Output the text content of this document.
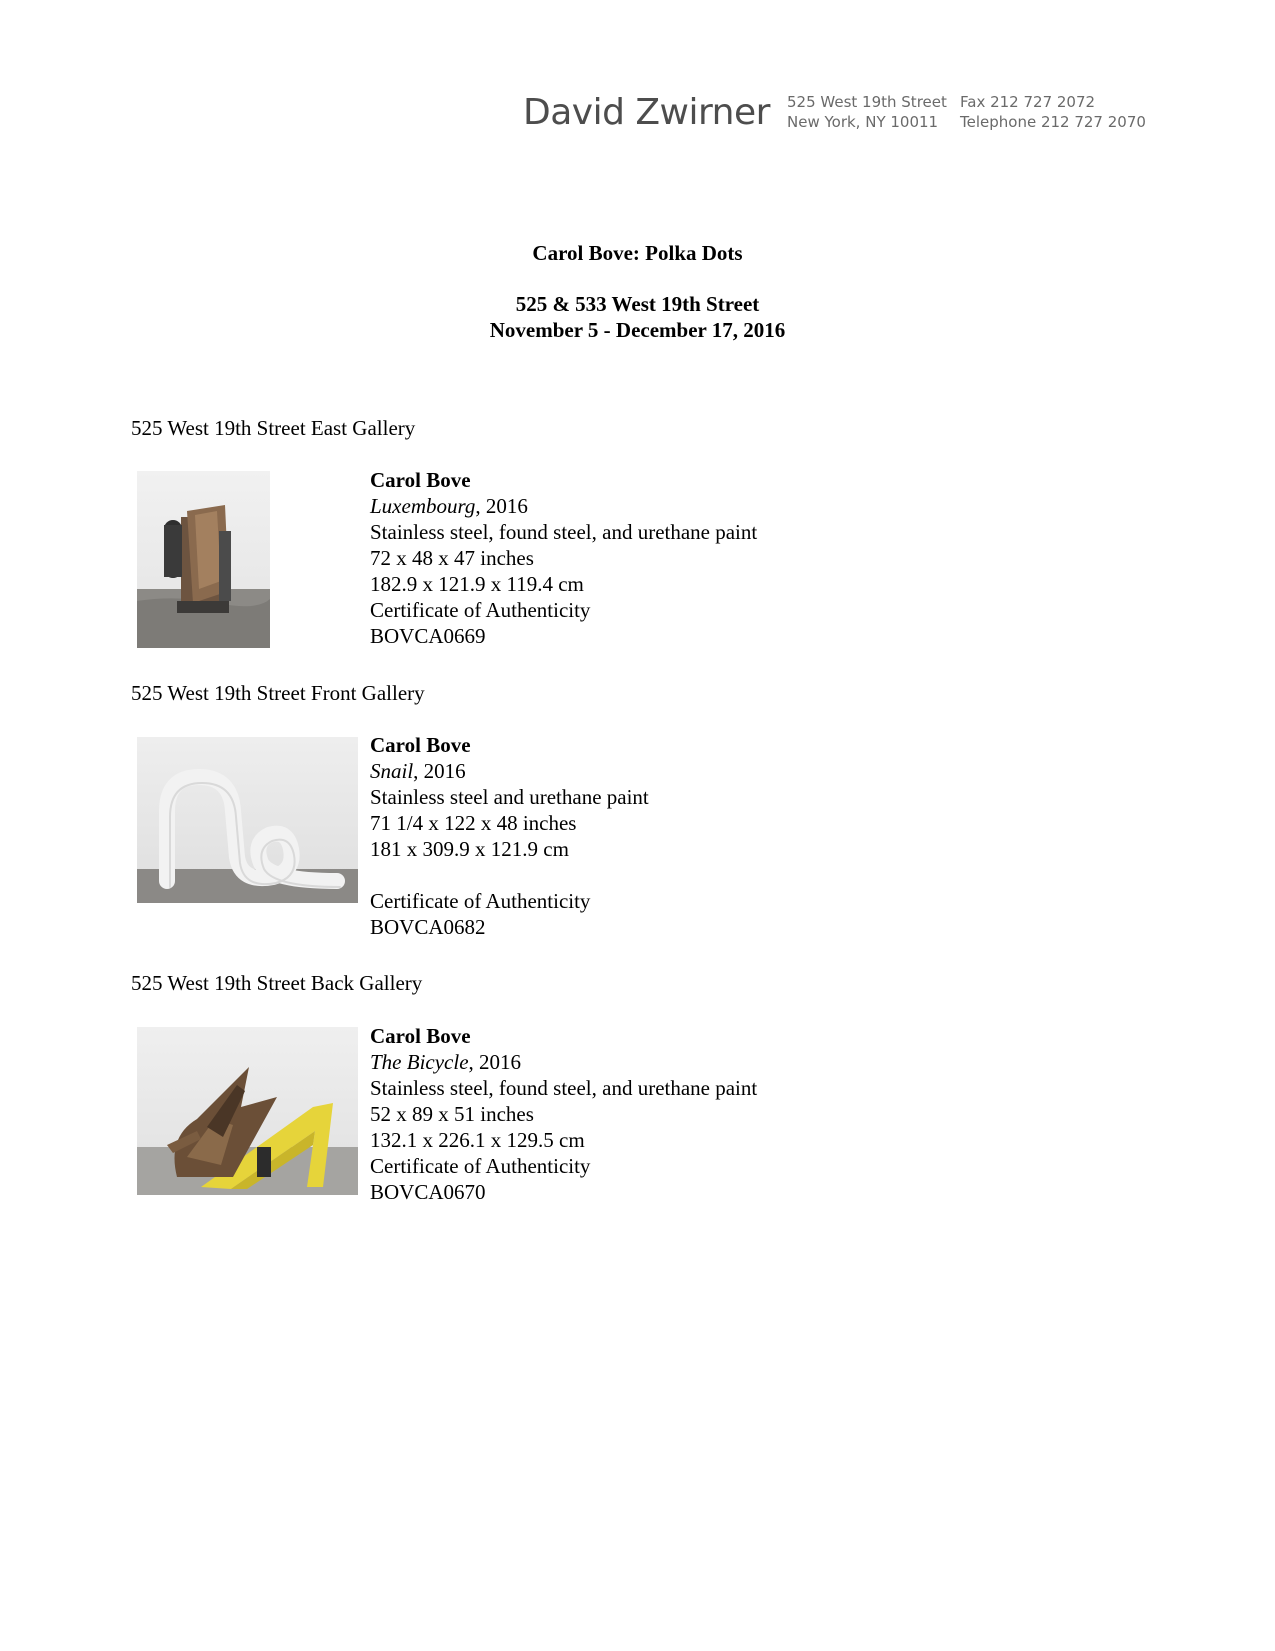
David Zwirner 525 West 19th Street
New York, NY 10011
Fax 212 727 2072
Telephone 212 727 2070
Carol Bove: Polka Dots
525 & 533 West 19th Street
November 5 - December 17, 2016
525 West 19th Street East Gallery
Carol Bove
Luxembourg, 2016
Stainless steel, found steel, and urethane paint
72 x 48 x 47 inches
182.9 x 121.9 x 119.4 cm
Certificate of Authenticity
BOVCA0669
525 West 19th Street Front Gallery
Carol Bove
Snail, 2016
Stainless steel and urethane paint
71 1/4 x 122 x 48 inches
181 x 309.9 x 121.9 cm
Certificate of Authenticity
BOVCA0682
525 West 19th Street Back Gallery
Carol Bove
The Bicycle, 2016
Stainless steel, found steel, and urethane paint
52 x 89 x 51 inches
132.1 x 226.1 x 129.5 cm
Certificate of Authenticity
BOVCA0670
